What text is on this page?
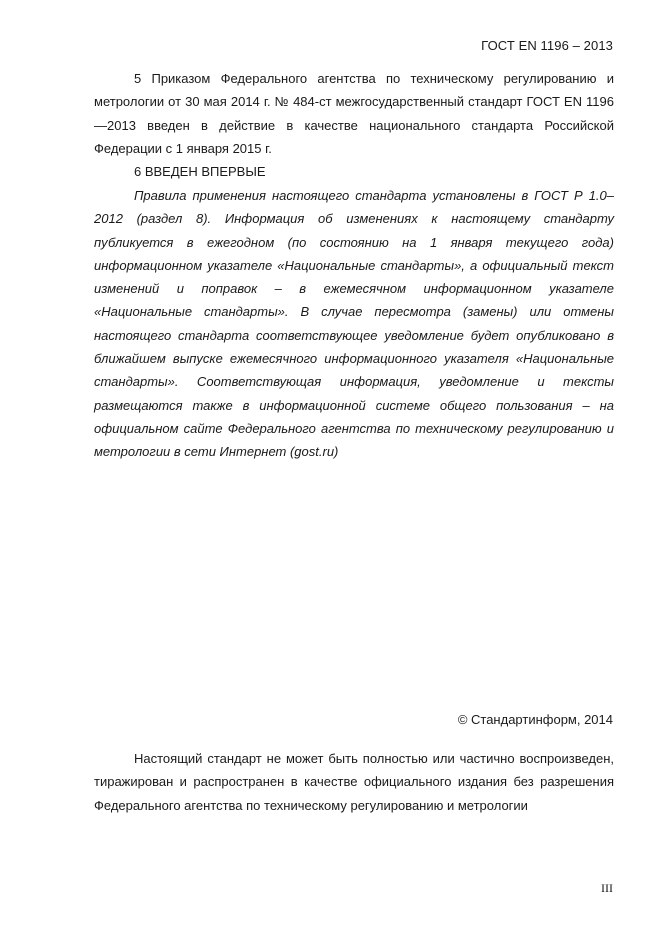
ГОСТ EN 1196 – 2013
5 Приказом Федерального агентства по техническому регулированию и метрологии от 30 мая 2014 г. № 484-ст межгосударственный стандарт ГОСТ EN 1196—2013 введен в действие в качестве национального стандарта Российской Федерации с 1 января 2015 г.
6 ВВЕДЕН ВПЕРВЫЕ
Правила применения настоящего стандарта установлены в ГОСТ Р 1.0–2012 (раздел 8). Информация об изменениях к настоящему стандарту публикуется в ежегодном (по состоянию на 1 января текущего года) информационном указателе «Национальные стандарты», а официальный текст изменений и поправок – в ежемесячном информационном указателе «Национальные стандарты». В случае пересмотра (замены) или отмены настоящего стандарта соответствующее уведомление будет опубликовано в ближайшем выпуске ежемесячного информационного указателя «Национальные стандарты». Соответствующая информация, уведомление и тексты размещаются также в информационной системе общего пользования – на официальном сайте Федерального агентства по техническому регулированию и метрологии в сети Интернет (gost.ru)
© Стандартинформ, 2014
Настоящий стандарт не может быть полностью или частично воспроизведен, тиражирован и распространен в качестве официального издания без разрешения Федерального агентства по техническому регулированию и метрологии
III
